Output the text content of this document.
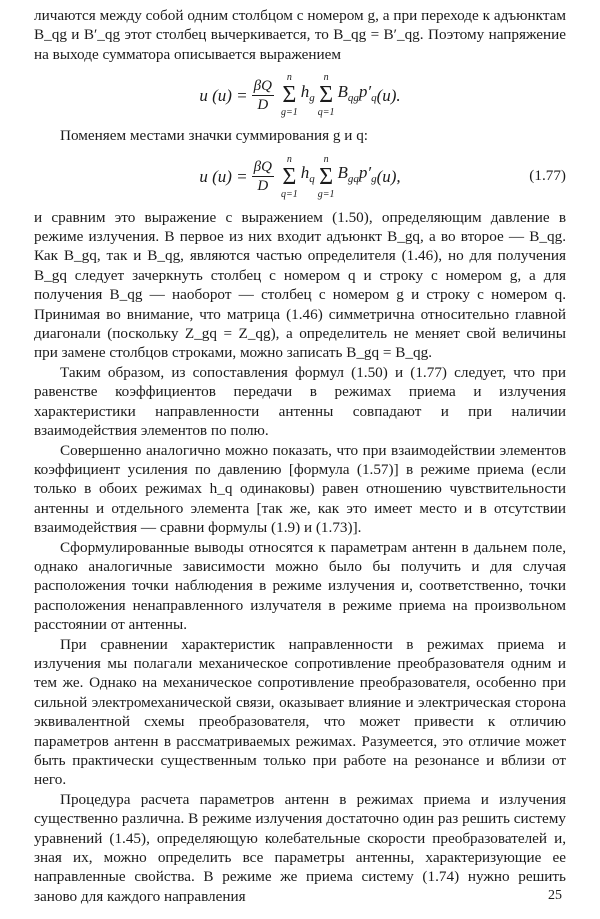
личаются между собой одним столбцом с номером g, а при переходе к адъюнктам B_qg и B′_qg этот столбец вычеркивается, то B_qg = B′_qg. Поэтому напряжение на выходе сумматора описывается выражением

u $(u) = \frac{\beta Q}{D}$ n
Σ
g=1
$h_g$
n
Σ
q=1
$B_{qg}$ $p'_q$ (u).

Поменяем местами значки суммирования g и q:

u $(u) = \frac{\beta Q}{D}$ n
Σ
q=1
$h_q$
n
Σ
g=1
$B_{gq}$ $p'_g$ (u),	(1.77)

и сравним это выражение с выражением (1.50), определяющим давление в режиме излучения. В первое из них входит адъюнкт B_gq, а во второе — B_qg. Как B_gq, так и B_qg, являются частью определителя (1.46), но для получения B_gq следует зачеркнуть столбец с номером q и строку с номером g, а для получения B_qg — наоборот — столбец с номером g и строку с номером q. Принимая во внимание, что матрица (1.46) симметрична относительно главной диагонали (поскольку Z_gq = Z_qg), а определитель не меняет свой величины при замене столбцов строками, можно записать B_gq = B_qg.

Таким образом, из сопоставления формул (1.50) и (1.77) следует, что при равенстве коэффициентов передачи в режимах приема и излучения характеристики направленности антенны совпадают и при наличии взаимодействия элементов по полю.

Совершенно аналогично можно показать, что при взаимодействии элементов коэффициент усиления по давлению [формула (1.57)] в режиме приема (если только в обоих режимах h_q одинаковы) равен отношению чувствительности антенны и отдельного элемента [так же, как это имеет место и в отсутствии взаимодействия — сравни формулы (1.9) и (1.73)].

Сформулированные выводы относятся к параметрам антенн в дальнем поле, однако аналогичные зависимости можно было бы получить и для случая расположения точки наблюдения в режиме излучения и, соответственно, точки расположения ненаправленного излучателя в режиме приема на произвольном расстоянии от антенны.

При сравнении характеристик направленности в режимах приема и излучения мы полагали механическое сопротивление преобразователя одним и тем же. Однако на механическое сопротивление преобразователя, особенно при сильной электромеханической связи, оказывает влияние и электрическая сторона эквивалентной схемы преобразователя, что может привести к отличию параметров антенн в рассматриваемых режимах. Разумеется, это отличие может быть практически существенным только при работе на резонансе и вблизи от него.

Процедура расчета параметров антенн в режимах приема и излучения существенно различна. В режиме излучения достаточно один раз решить систему уравнений (1.45), определяющую колебательные скорости преобразователей и, зная их, можно определить все параметры антенны, характеризующие ее направленные свойства. В режиме же приема систему (1.74) нужно решить заново для каждого направления	25
